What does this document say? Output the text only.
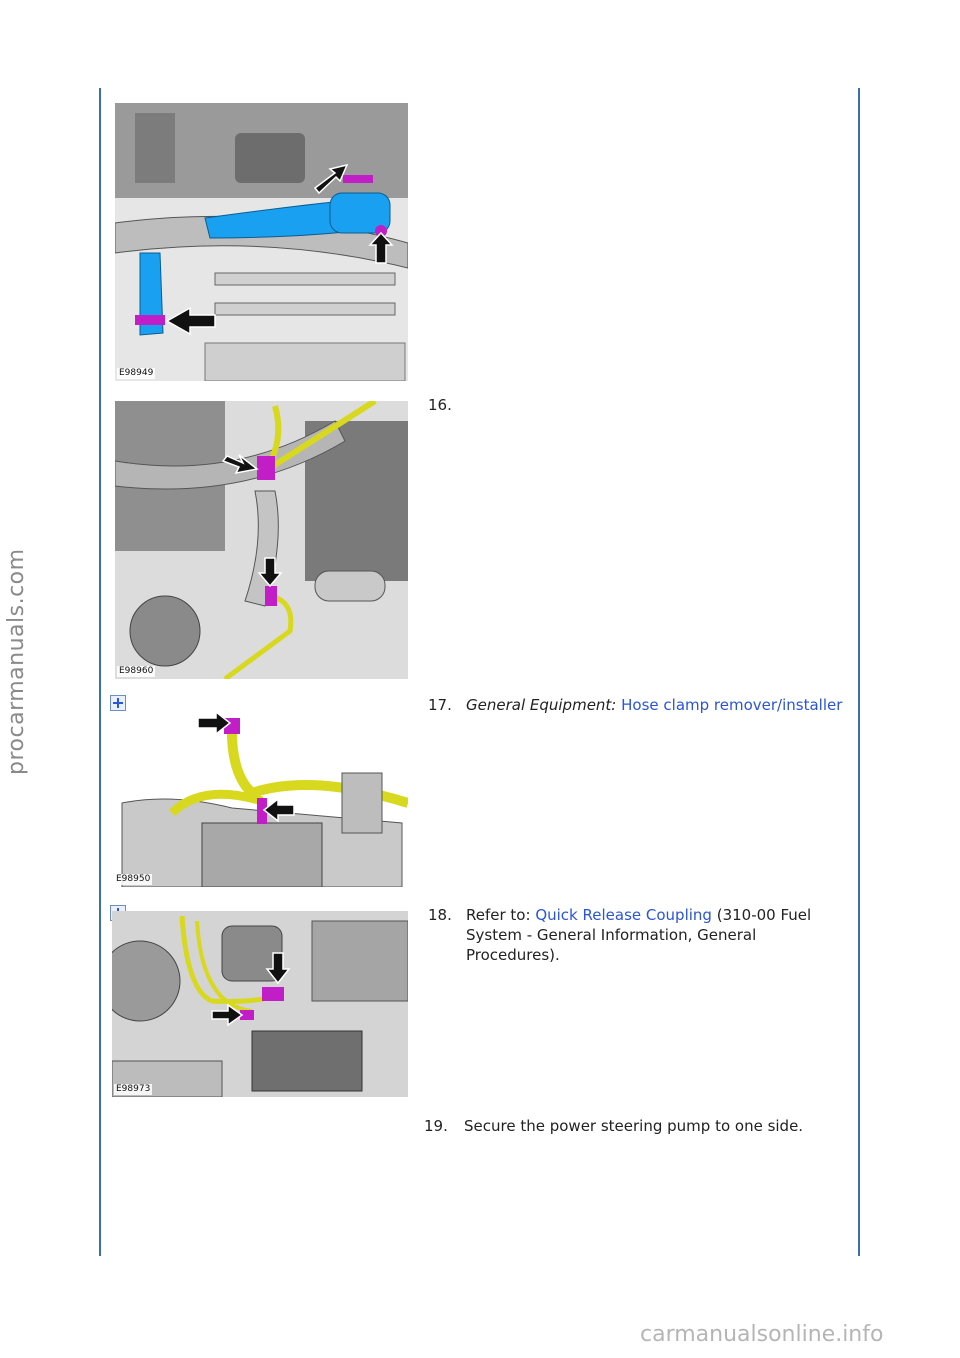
E98949
E98960
16.
E98950
17. General Equipment: Hose clamp remover/installer
E98973
18. Refer to: Quick Release Coupling (310-00 Fuel System - General Information, General Procedures).
19. Secure the power steering pump to one side.
procarmanuals.com
carmanualsonline.info
